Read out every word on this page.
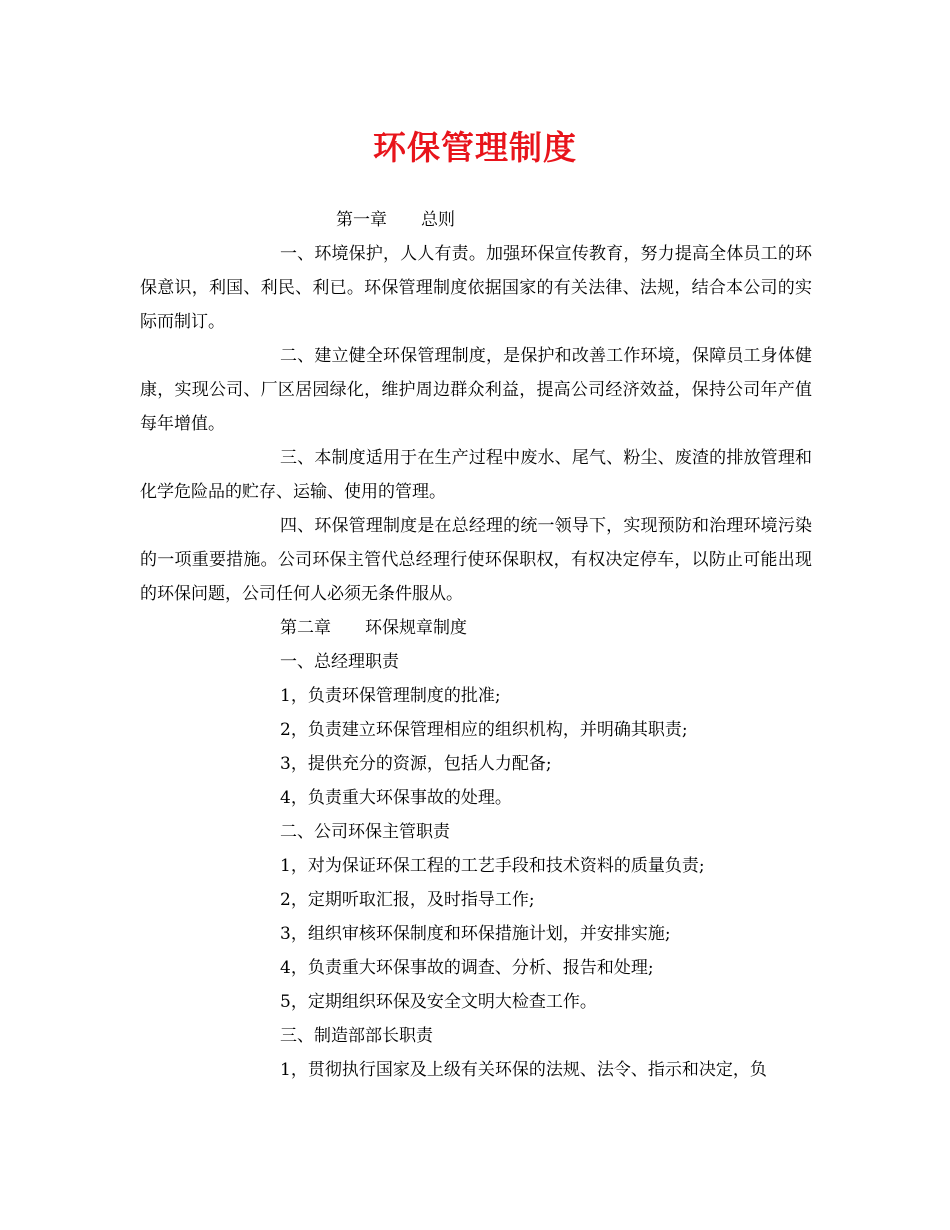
环保管理制度
第一章　　总则

一、环境保护，人人有责。加强环保宣传教育，努力提高全体员工的环保意识，利国、利民、利已。环保管理制度依据国家的有关法律、法规，结合本公司的实际而制订。

二、建立健全环保管理制度，是保护和改善工作环境，保障员工身体健康，实现公司、厂区居园绿化，维护周边群众利益，提高公司经济效益，保持公司年产值每年增值。

三、本制度适用于在生产过程中废水、尾气、粉尘、废渣的排放管理和化学危险品的贮存、运输、使用的管理。

四、环保管理制度是在总经理的统一领导下，实现预防和治理环境污染的一项重要措施。公司环保主管代总经理行使环保职权，有权决定停车，以防止可能出现的环保问题，公司任何人必须无条件服从。

第二章　　环保规章制度

一、总经理职责

1，负责环保管理制度的批准;

2，负责建立环保管理相应的组织机构，并明确其职责;

3，提供充分的资源，包括人力配备;

4，负责重大环保事故的处理。

二、公司环保主管职责

1，对为保证环保工程的工艺手段和技术资料的质量负责;

2，定期听取汇报，及时指导工作;

3，组织审核环保制度和环保措施计划，并安排实施;

4，负责重大环保事故的调查、分析、报告和处理;

5，定期组织环保及安全文明大检查工作。

三、制造部部长职责

1，贯彻执行国家及上级有关环保的法规、法令、指示和决定，负
